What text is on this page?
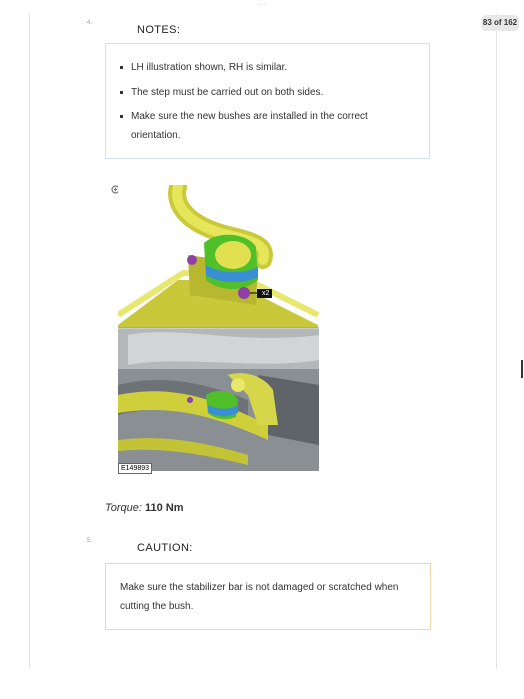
···
83 of 162
4.
NOTES:
LH illustration shown, RH is similar.
The step must be carried out on both sides.
Make sure the new bushes are installed in the correct orientation.
x2
E149893
Torque: 110 Nm
5.
CAUTION:
Make sure the stabilizer bar is not damaged or scratched when cutting the bush.
